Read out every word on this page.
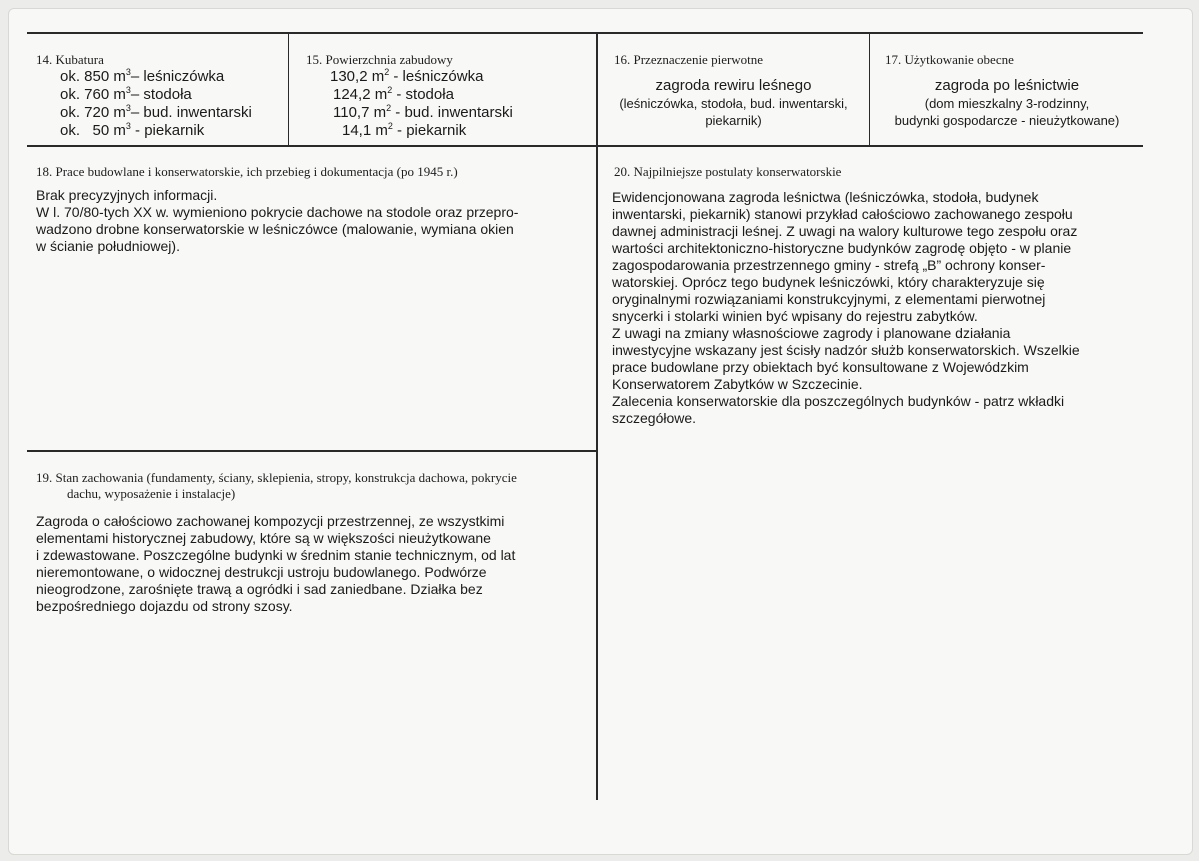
14. Kubatura
ok. 850 $m^3-$ leśniczówka
ok. 760 $m^3-$ stodoła
ok. 720 $m^3-$ bud. inwentarski
ok.   50 $m^3$ - piekarnik
15. Powierzchnia zabudowy
130,2 $m^2$ - leśniczówka
124,2 $m^2$ - stodoła
110,7 $m^2$ - bud. inwentarski
14,1 $m^2$ - piekarnik
16. Przeznaczenie pierwotne
zagroda rewiru leśnego
(leśniczówka, stodoła, bud. inwentarski,
piekarnik)
17. Użytkowanie obecne
zagroda po leśnictwie
(dom mieszkalny 3-rodzinny,
budynki gospodarcze - nieużytkowane)
18. Prace budowlane i konserwatorskie, ich przebieg i dokumentacja (po 1945 r.)
Brak precyzyjnych informacji.
W l. 70/80-tych XX w. wymieniono pokrycie dachowe na stodole oraz przepro-
wadzono drobne konserwatorskie w leśniczówce (malowanie, wymiana okien
w ścianie południowej).
19. Stan zachowania (fundamenty, ściany, sklepienia, stropy, konstrukcja dachowa, pokrycie
dachu, wyposażenie i instalacje)
Zagroda o całościowo zachowanej kompozycji przestrzennej, ze wszystkimi
elementami historycznej zabudowy, które są w większości nieużytkowane
i zdewastowane. Poszczególne budynki w średnim stanie technicznym, od lat
nieremontowane, o widocznej destrukcji ustroju budowlanego. Podwórze
nieogrodzone, zarośnięte trawą a ogródki i sad zaniedbane. Działka bez
bezpośredniego dojazdu od strony szosy.
20. Najpilniejsze postulaty konserwatorskie
Ewidencjonowana zagroda leśnictwa (leśniczówka, stodoła, budynek
inwentarski, piekarnik) stanowi przykład całościowo zachowanego zespołu
dawnej administracji leśnej. Z uwagi na walory kulturowe tego zespołu oraz
wartości architektoniczno-historyczne budynków zagrodę objęto - w planie
zagospodarowania przestrzennego gminy - strefą „B” ochrony konser-
watorskiej. Oprócz tego budynek leśniczówki, który charakteryzuje się
oryginalnymi rozwiązaniami konstrukcyjnymi, z elementami pierwotnej
snycerki i stolarki winien być wpisany do rejestru zabytków.
Z uwagi na zmiany własnościowe zagrody i planowane działania
inwestycyjne wskazany jest ścisły nadzór służb konserwatorskich. Wszelkie
prace budowlane przy obiektach być konsultowane z Wojewódzkim
Konserwatorem Zabytków w Szczecinie.
Zalecenia konserwatorskie dla poszczególnych budynków - patrz wkładki
szczegółowe.
